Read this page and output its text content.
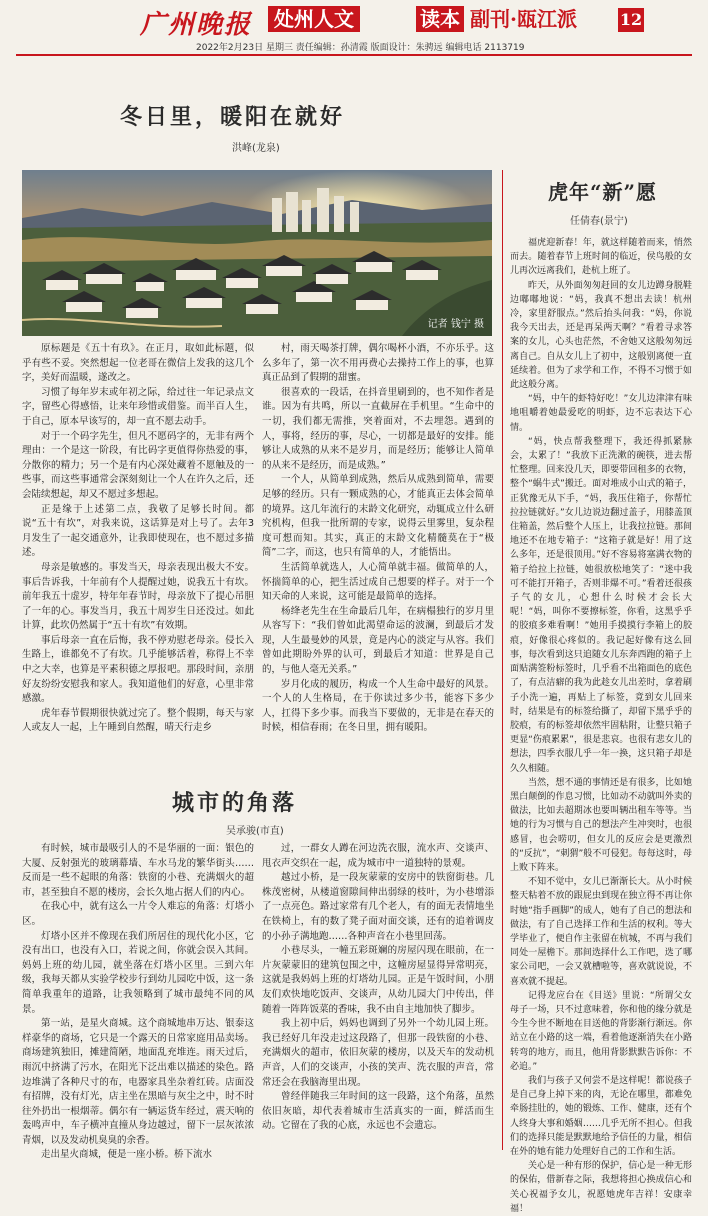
广州晚报	处州人文	读本 副刊·瓯江派	12
2022年2月23日 星期三 责任编辑：孙清霞 版面设计：朱骋远 编辑电话 2113719
冬日里，暖阳在就好
洪峰(龙泉)
记者 钱宁 摄

原标题是《五十有玖》。在正月，取如此标题，似乎有些不妥。突然想起一位老哥在微信上发我的这几个字，美好而温暖，遂改之。

习惯了每年岁末或年初之际，给过往一年记录点文字，留些心得感悟，让来年珍惜或借鉴。而半百人生，于自己，原本早该写的，却一直不愿去动手。

对于一个码字先生，但凡不愿码字的，无非有两个理由：一个是这一阶段，有比码字更值得你热爱的事，分散你的精力；另一个是有内心深处藏着不愿触及的一些事，而这些事通常会深刻刻让一个人在许久之后，还会陆续想起，却又不愿过多想起。

正是缘于上述第二点，我敬了足够长时间。都说“五十有坎”，对我来说，这话算是对上号了。去年3月发生了一起交通意外，让我即使现在，也不愿过多描述。

母亲是敏感的。事发当天，母亲表现出极大不安。事后告诉我，十年前有个人提醒过她，说我五十有坎。前年我五十虚岁，特年年春节时，母亲放下了提心吊胆了一年的心。事发当月，我五十周岁生日还没过。如此计算，此坎仍然属于“五十有坎”有效期。

事后母亲一直在后悔，我不停劝慰老母亲。侵长入生路上，谁都免不了有坎。几乎能够活着，称得上不幸中之大幸，也算是平素积德之厚报吧。那段时间，亲朋好友纷纷安慰我和家人。我知道他们的好意，心里非常感激。

虎年春节假期很快就过完了。整个假期，每天与家人或友人一起，上午睡到自然醒，晴天行走乡

村，雨天喝茶打牌，偶尔喝杯小酒，不亦乐乎。这么多年了，第一次不用再费心去操持工作上的事，也算真正品到了假期的甜蜜。

很喜欢的一段话，在抖音里刷到的，也不知作者是谁。因为有共鸣，所以一直截屏在手机里。“生命中的一切，我们都无需推，突着面对，不去埋怨。遇到的人，事将，经历的事，尽心，一切都是最好的安排。能够让人成熟的从来不是岁月，而是经历；能够让人简单的从来不是经历，而是成熟。”

一个人，从简单到成熟，然后从成熟到简单，需要足够的经历。只有一颗成熟的心，才能真正去体会简单的境界。这几年流行的末龄文化研究，动辄成立什么研究机构，但我一批所谓的专家，说得云里雾里，复杂程度可想而知。其实，真正的末龄文化精髓莫在于“极简”二字，而这，也只有简单的人，才能悟出。

生活简单就选人，人心简单就丰福。做简单的人，怀揣简单的心，把生活过成自己想要的样子。对于一个知天命的人来说，这可能是最简单的选择。

杨绛老先生在生命最后几年，在病榻独行的岁月里从容写下：“我们曾如此渴望命运的波澜，到最后才发现，人生最曼妙的风景，竟是内心的淡定与从容。我们曾如此期盼外界的认可，到最后才知道：世界是自己的，与他人毫无关系。”

岁月化成的履历，构成一个人生命中最好的风景。一个人的人生格局，在于你读过多少书，能容下多少人，扛得下多少事。而我当下要做的，无非是在春天的时候，相信春雨；在冬日里，拥有暖阳。

城市的角落
吴承骏(市直)

有时候，城市最吸引人的不是华丽的一面：银色的大厦、反射强光的玻璃幕墙、车水马龙的繁华街头……反而是一些不起眼的角落：铁窗的小巷、充满烟火的超市，甚至独自不愿的楼房，会长久地占据人们的内心。

在我心中，就有这么一片令人难忘的角落：灯塔小区。

灯塔小区并不像现在我们所居住的现代化小区，它没有出口，也没有入口，若说之间，你就会误入其间。妈妈上班的幼儿园，就坐落在灯塔小区里。三到六年级，我每天都从实验学校步行到幼儿园吃中饭，这一条简单我重年的道路，让我领略到了城市最纯不同的风景。

第一站，是星火商城。这个商城地串万达、银泰这样豪华的商场，它只是一个露天的日常家庭用品卖场。商场建筑独旧，摊建简陋，地面乱充堆连。雨天过后，雨沉中挤满了污水，在阳光下泛出难以描述的染色。路边堆满了各种尺寸的布，电器家具坐杂着红砖。店面没有招牌，没有灯光，店主坐在黑暗与灰尘之中，时不时往外扔出一根烟蒂。偶尔有一辆运货车经过，震天响的轰鸣声中，车子横冲直撞从身边越过，留下一层灰浓浓青烟，以及发动机臭臭的余香。

走出星火商城，便是一座小桥。桥下流水

过，一群女人蹲在河边洗衣服，流水声、交谈声、甩衣声交织在一起，成为城市中一道独特的景观。

越过小桥，是一段灰蒙蒙的安房中的铁窗街巷。几株茂密树，从楼道窗隙间伸出弱绿的枝叶，为小巷增添了一点亮色。路过家常有几个老人，有的面无表情地坐在铁椅上，有的数了凳子面对面交谈，还有的追着调皮的小孙子满地跑……各种声音在小巷里回荡。

小巷尽头，一幢五彩斑斓的房屋闪现在眼前，在一片灰蒙蒙旧的建筑包围之中，这幢房屋显得异常明亮，这就是我妈妈上班的灯塔幼儿园。正是午饭时间，小朋友们欢快地吃饭声、交谈声，从幼儿园大门中传出，伴随着一阵阵饭菜的香味，我不由自主地加快了脚步。

我上初中后，妈妈也调到了另外一个幼儿园上班。我已经好几年没走过这段路了，但那一段铁窗的小巷、充满烟火的超市，依旧灰蒙的楼房，以及天车的发动机声音，人们的交谈声，小孩的笑声、洗衣服的声音，常常还会在我脑海里出现。

曾经伴随我三年时间的这一段路，这个角落，虽然依旧灰暗，却代表着城市生活真实的一面，鲜活而生动。它留在了我的心底，永远也不会遗忘。

虎年“新”愿
任倩春(景宁)

福虎迎新春！年，就这样随着而来，悄然而去。随着春节上班时间的临近，侯鸟般的女儿再次远离我们，赴杭上班了。

昨天，从外面匆匆赶回的女儿边蹲身脱鞋边嘟嘟地说：“妈，我真不想出去读！杭州冷，家里舒服点。”然后抬头问我：“妈，你说我今天出去，还是再呆两天啊？”看着寻求答案的女儿，心头也茫然，不舍她又这般匆匆远离自己。自从女儿上了初中，这般别离便一直延续着。但为了求学和工作，不得不习惯于如此这般分离。

“妈，中午的虾特好吃！”女儿边津津有味地咀嚼着她最爱吃的明虾，边不忘表达下心情。

“妈，快点帮我整理下，我还得抓紧脉会，太累了！”我放下正洗漱的碗筷，进去帮忙整理。回来没几天，即要带回租多的衣物，整个“蜗牛式”搬迁。面对堆成小山式的箱子，正犹豫无从下手，“妈，我压住箱子，你帮忙拉拉链就好。”女儿边说边翻过盖子，用膝盖顶住箱盖，然后整个人压上，让我拉拉链。那间地还不在地专箱子：“这箱子就是好！用了这么多年，还是很顶用。”好不容易将塞满衣物的箱子给拉上拉链，她很放松地笑了：“迷中我可不能打开箱子，否则非爆不可。”看着还很孩子气的女儿，心想什么时候才会长大呢！“妈，叫你不要擦标签，你看，这黑乎乎的胶痕多难看啊！”她用手摸摸行李箱上的胶痕，好像很心疼似的。我记起好像有这么回事，每次看到这只追随女儿东奔西跑的箱子上面贴满签粉标签时，几乎看不出箱面色的底色了，有点洁癖的我为此趁女儿出差时，拿着刷子小洗一遍，再贴上了标签，竟到女儿回来时，结果是有的标签给撕了，却留下黑乎乎的胶痕，有的标签却依然牢固粘附，让整只箱子更显“伤痕累累”，很是悲哀。也很有悲女儿的想法，四季衣服几乎一年一换，这只箱子却是久久相随。

当然，想不通的事情还是有很多，比如她黑白颠倒的作息习惯，比如动不动就叫外卖的做法，比如去超期冰也要叫辆出租车等等。当她的行为习惯与自己的想法产生冲突时，也很感冒，也会唠叨，但女儿的反应会是更激烈的“反抗”，“刺猬”般不可侵犯。每每这时，母上败下阵来。

不知不觉中，女儿已渐渐长大。从小时候整天粘着不放的跟屁虫到现在独立得不再让你时她“指手画脚”的成人，她有了自己的想法和做法，有了自己选择工作和生活的权利。等大学毕业了，便自作主张留在杭城，不再与我们同处一屋檐下。那间选择什么工作吧，选了哪家公司吧，一会又就槽啦等，喜欢就说说，不喜欢就不提起。

记得龙应台在《目送》里说：“所谓父女母子一场，只不过意味着，你和他的缘分就是今生今世不断地在目送他的背影渐行渐远。你站立在小路的这一端，看着他逐渐消失在小路转弯的地方，而且，他用背影默默告诉你：不必追。”

我们与孩子又何尝不是这样呢！都说孩子是自己身上掉下来的肉，无论在哪里，都难免牵肠挂肚的，她的锻炼、工作、健康，还有个人终身大事和婚姻……几乎无所不担心。但我们的选择只能是默默地给予信任的力量，相信在外的她有能力处理好自己的工作和生活。

关心是一种有形的保护，信心是一种无形的保佑，借新春之际，我想将担心换成信心和关心祝福予女儿，祝愿她虎年吉祥！安康幸福！
